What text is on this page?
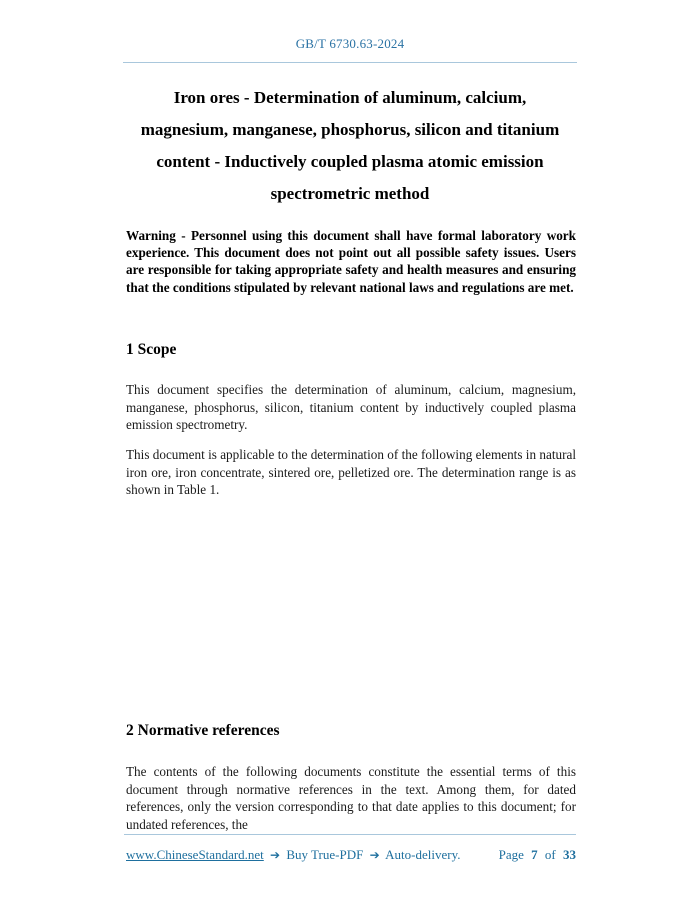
GB/T 6730.63-2024
Iron ores - Determination of aluminum, calcium,
magnesium, manganese, phosphorus, silicon and titanium
content - Inductively coupled plasma atomic emission
spectrometric method
Warning - Personnel using this document shall have formal laboratory work experience. This document does not point out all possible safety issues. Users are responsible for taking appropriate safety and health measures and ensuring that the conditions stipulated by relevant national laws and regulations are met.
1 Scope
This document specifies the determination of aluminum, calcium, magnesium, manganese, phosphorus, silicon, titanium content by inductively coupled plasma emission spectrometry.
This document is applicable to the determination of the following elements in natural iron ore, iron concentrate, sintered ore, pelletized ore. The determination range is as shown in Table 1.
2 Normative references
The contents of the following documents constitute the essential terms of this document through normative references in the text. Among them, for dated references, only the version corresponding to that date applies to this document; for undated references, the
www.ChineseStandard.net ➔ Buy True-PDF ➔ Auto-delivery.	Page 7 of 33
